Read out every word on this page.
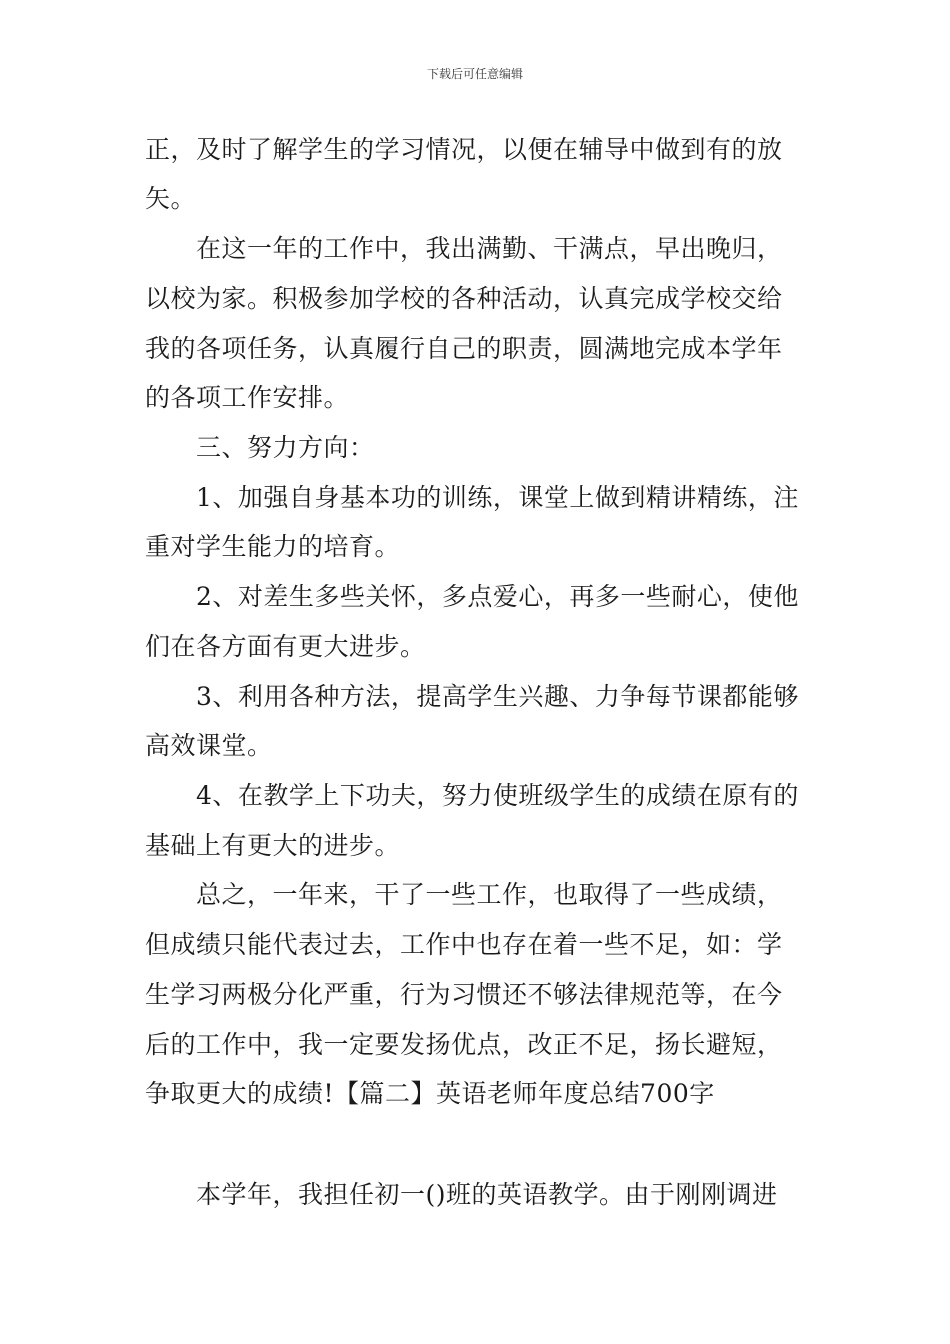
下载后可任意编辑
正，及时了解学生的学习情况，以便在辅导中做到有的放
矢。
　　在这一年的工作中，我出满勤、干满点，早出晚归，
以校为家。积极参加学校的各种活动，认真完成学校交给
我的各项任务，认真履行自己的职责，圆满地完成本学年
的各项工作安排。
　　三、努力方向：
　　1、加强自身基本功的训练，课堂上做到精讲精练，注
重对学生能力的培育。
　　2、对差生多些关怀，多点爱心，再多一些耐心，使他
们在各方面有更大进步。
　　3、利用各种方法，提高学生兴趣、力争每节课都能够
高效课堂。
　　4、在教学上下功夫，努力使班级学生的成绩在原有的
基础上有更大的进步。
　　总之，一年来，干了一些工作，也取得了一些成绩，
但成绩只能代表过去，工作中也存在着一些不足，如：学
生学习两极分化严重，行为习惯还不够法律规范等，在今
后的工作中，我一定要发扬优点，改正不足，扬长避短，
争取更大的成绩!【篇二】英语老师年度总结700字
　　本学年，我担任初一()班的英语教学。由于刚刚调进
